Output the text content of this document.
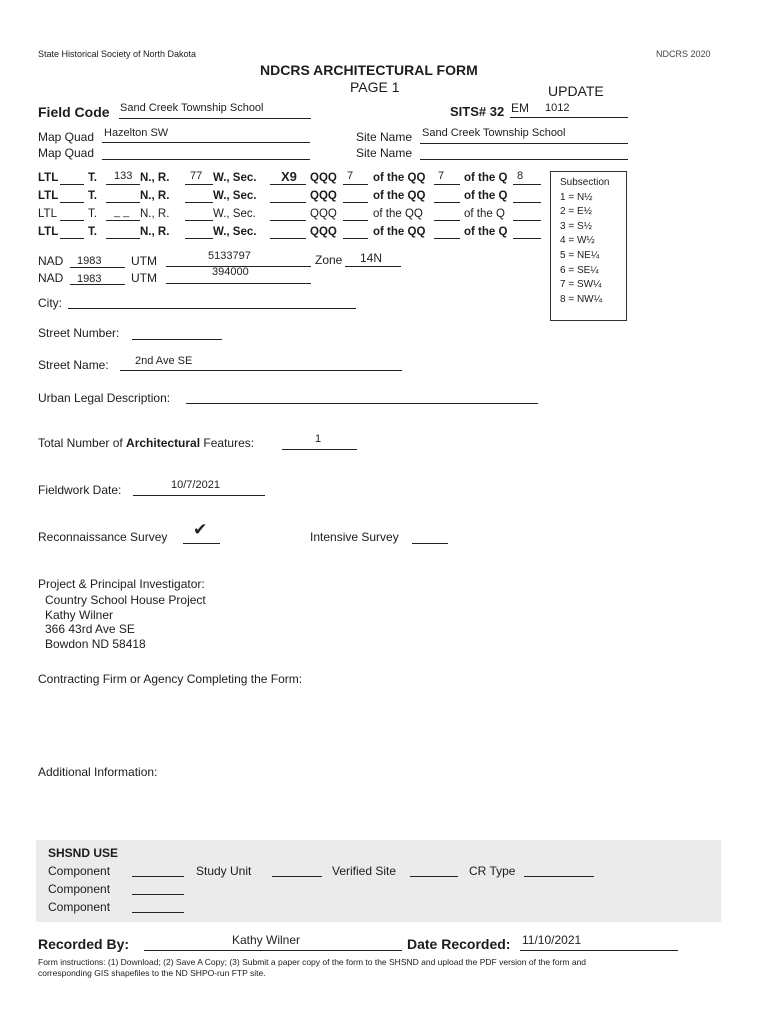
State Historical Society of North Dakota	NDCRS 2020
NDCRS ARCHITECTURAL FORM
PAGE 1	UPDATE
Field Code Sand Creek Township School	SITS# 32 EM 1012
Map Quad Hazelton SW
Map Quad
Site Name Sand Creek Township School
Site Name
LTL	T. 133 N., R. 77 W., Sec. X9 QQQ 7 of the QQ 7 of the Q 8
LTL	T.	N., R.	W., Sec.	QQQ	of the QQ	of the Q
LTL	T. _ _ N., R.	W., Sec.	QQQ	of the QQ	of the Q
LTL	T.	N., R.	W., Sec.	QQQ	of the QQ	of the Q
Subsection
1 = N½
2 = E½
3 = S½
4 = W½
5 = NE¼
6 = SE¼
7 = SW¼
8 = NW¼
NAD 1983 UTM	5133797	Zone 14N
NAD 1983 UTM	394000
City:
Street Number:
Street Name: 2nd Ave SE
Urban Legal Description:
Total Number of Architectural Features:	1
Fieldwork Date:	10/7/2021
Reconnaissance Survey ✔	Intensive Survey
Project & Principal Investigator:
Country School House Project
Kathy Wilner
366 43rd Ave SE
Bowdon ND 58418
Contracting Firm or Agency Completing the Form:
Additional Information:
SHSND USE
Component	Study Unit	Verified Site	CR Type
Component
Component
Recorded By:	Kathy Wilner	Date Recorded: 11/10/2021
Form instructions: (1) Download; (2) Save A Copy; (3) Submit a paper copy of the form to the SHSND and upload the PDF version of the form and
corresponding GIS shapefiles to the ND SHPO-run FTP site.
